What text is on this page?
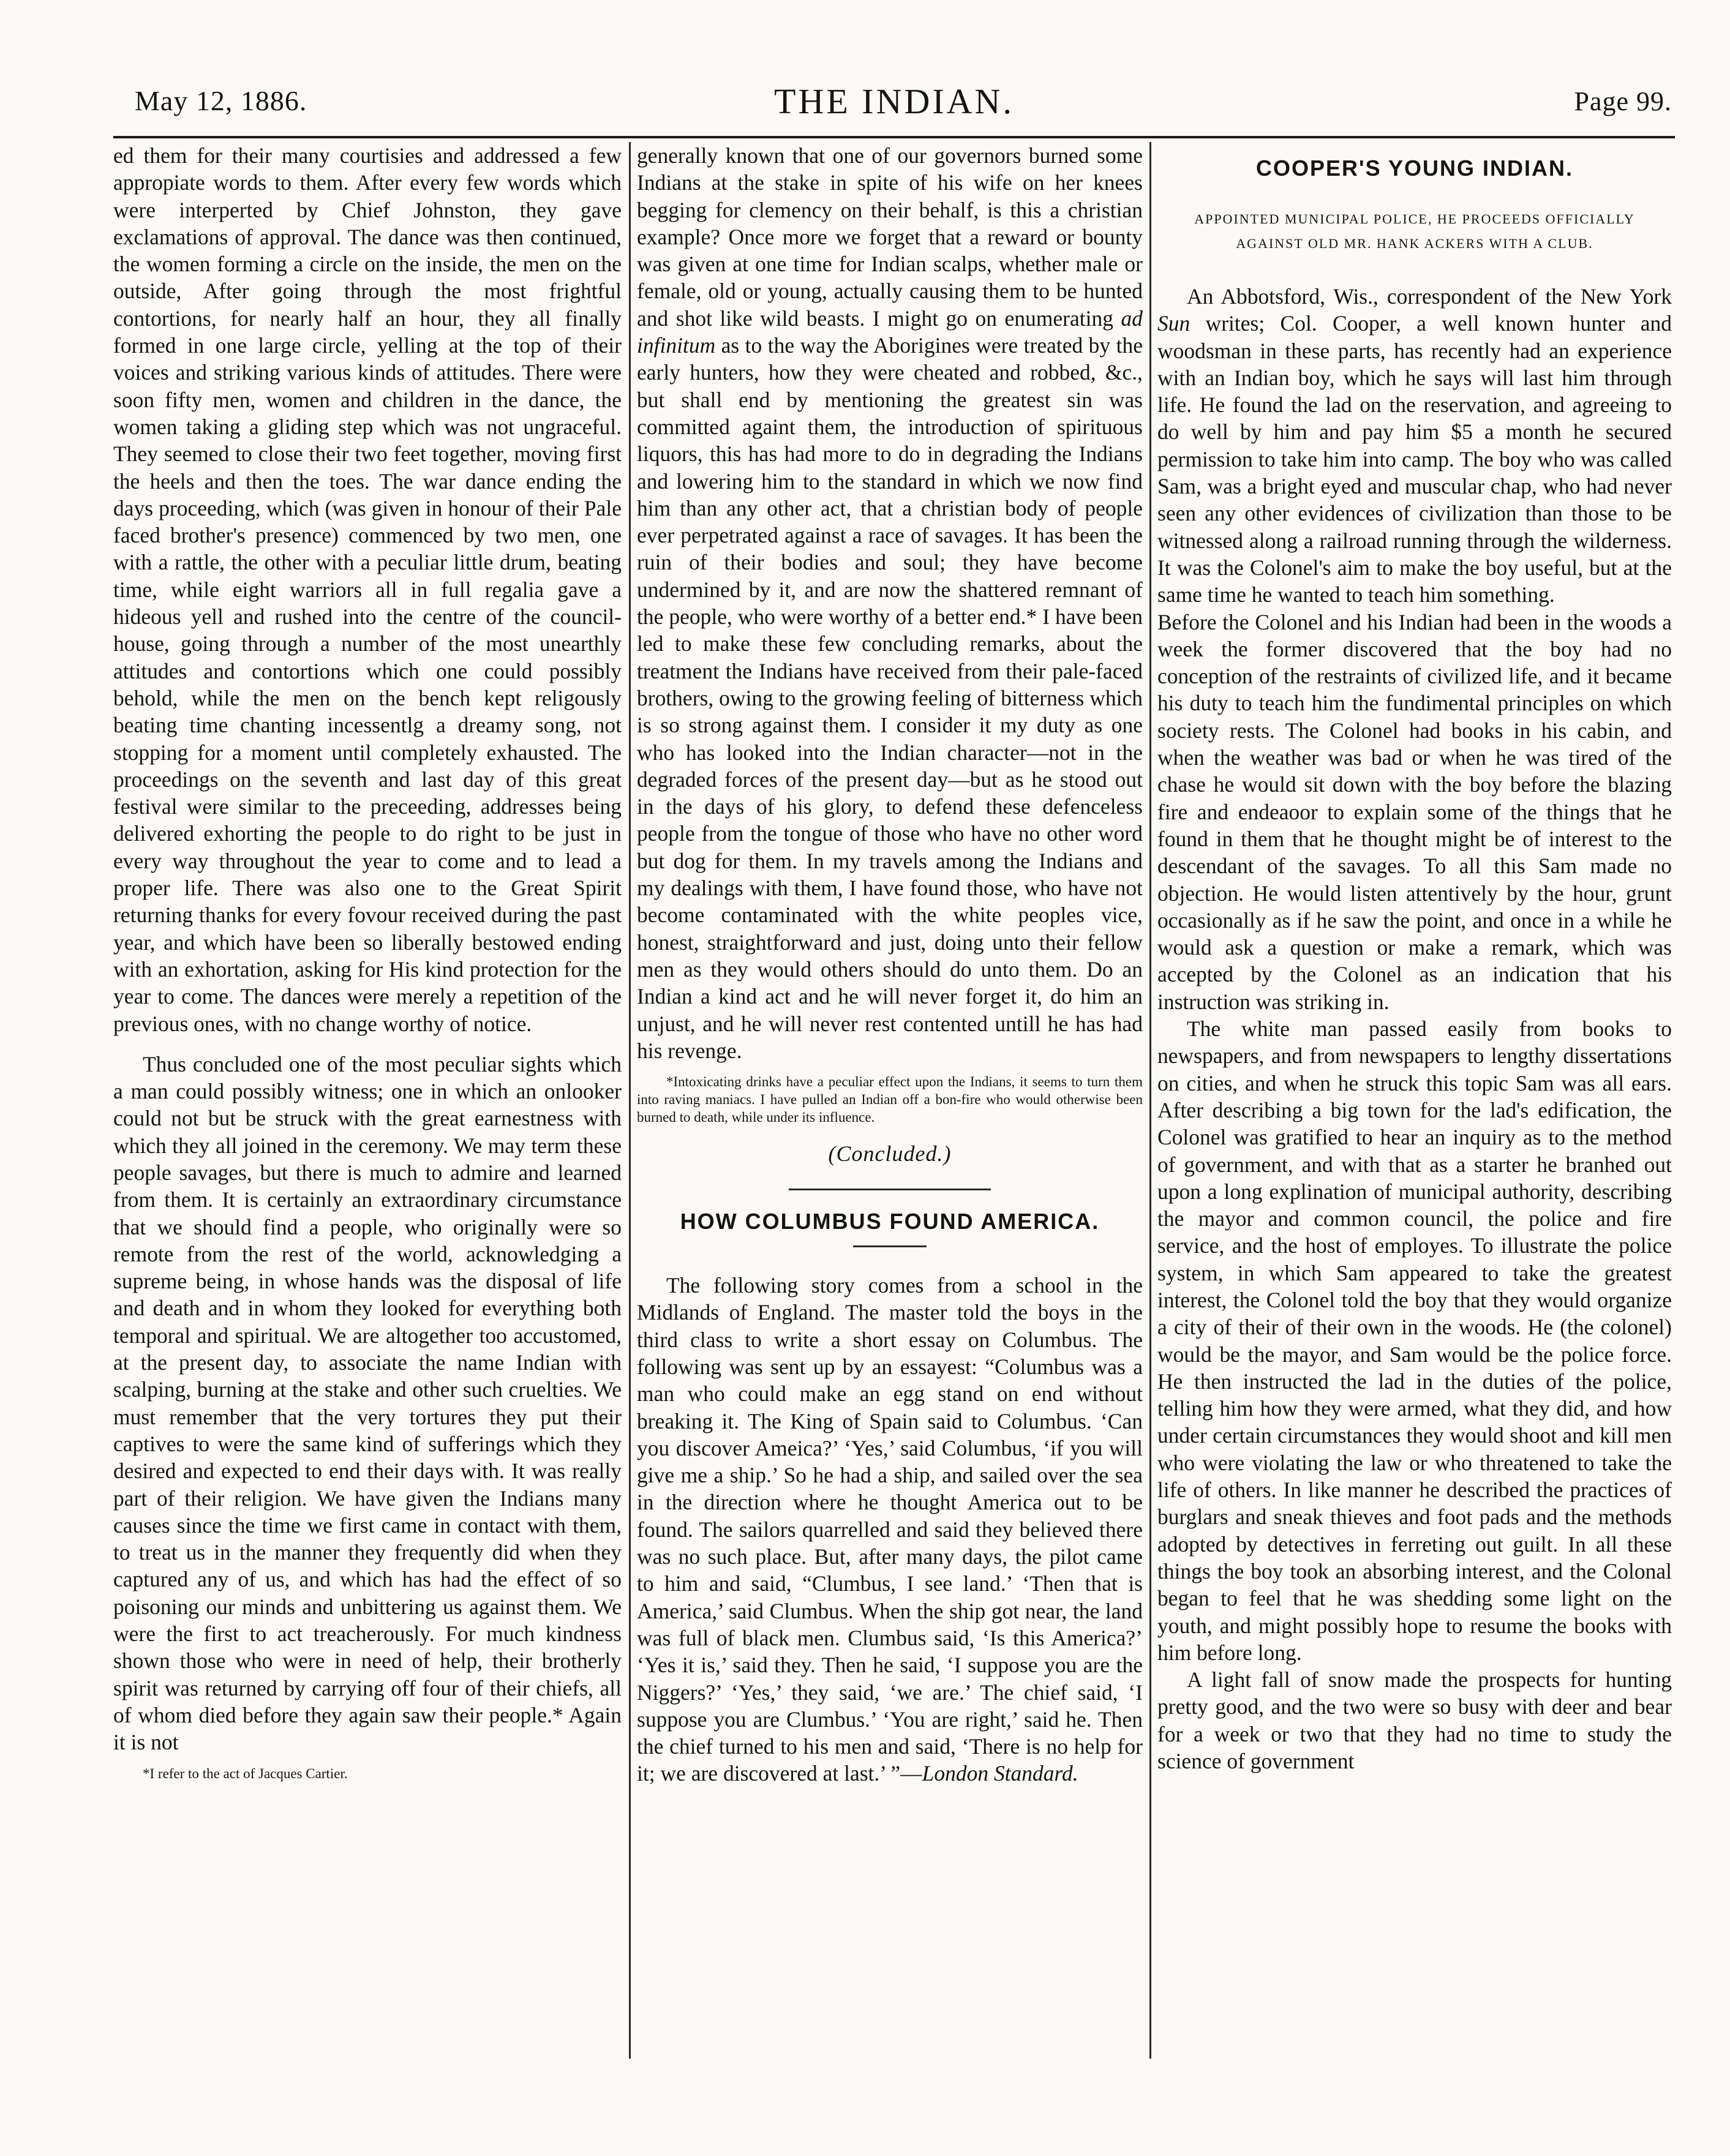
May 12, 1886.	THE INDIAN.	Page 99.

ed them for their many courtisies and addressed a few appropiate words to them. After every few words which were interperted by Chief Johnston, they gave exclamations of approval. The dance was then continued, the women forming a circle on the inside, the men on the outside, After going through the most frightful contortions, for nearly half an hour, they all finally formed in one large circle, yelling at the top of their voices and striking various kinds of attitudes. There were soon fifty men, women and children in the dance, the women taking a gliding step which was not ungraceful. They seemed to close their two feet together, moving first the heels and then the toes. The war dance ending the days proceeding, which (was given in honour of their Pale faced brother's presence) commenced by two men, one with a rattle, the other with a peculiar little drum, beating time, while eight warriors all in full regalia gave a hideous yell and rushed into the centre of the council-house, going through a number of the most unearthly attitudes and contortions which one could possibly behold, while the men on the bench kept religously beating time chanting incessentlg a dreamy song, not stopping for a moment until completely exhausted. The proceedings on the seventh and last day of this great festival were similar to the preceeding, addresses being delivered exhorting the people to do right to be just in every way throughout the year to come and to lead a proper life. There was also one to the Great Spirit returning thanks for every fovour received during the past year, and which have been so liberally bestowed ending with an exhortation, asking for His kind protection for the year to come. The dances were merely a repetition of the previous ones, with no change worthy of notice.

Thus concluded one of the most peculiar sights which a man could possibly witness; one in which an onlooker could not but be struck with the great earnestness with which they all joined in the ceremony. We may term these people savages, but there is much to admire and learned from them. It is certainly an extraordinary circumstance that we should find a people, who originally were so remote from the rest of the world, acknowledging a supreme being, in whose hands was the disposal of life and death and in whom they looked for everything both temporal and spiritual. We are altogether too accustomed, at the present day, to associate the name Indian with scalping, burning at the stake and other such cruelties. We must remember that the very tortures they put their captives to were the same kind of sufferings which they desired and expected to end their days with. It was really part of their religion. We have given the Indians many causes since the time we first came in contact with them, to treat us in the manner they frequently did when they captured any of us, and which has had the effect of so poisoning our minds and unbittering us against them. We were the first to act treacherously. For much kindness shown those who were in need of help, their brotherly spirit was returned by carrying off four of their chiefs, all of whom died before they again saw their people.* Again it is not

*I refer to the act of Jacques Cartier.

generally known that one of our governors burned some Indians at the stake in spite of his wife on her knees begging for clemency on their behalf, is this a christian example? Once more we forget that a reward or bounty was given at one time for Indian scalps, whether male or female, old or young, actually causing them to be hunted and shot like wild beasts. I might go on enumerating ad infinitum as to the way the Aborigines were treated by the early hunters, how they were cheated and robbed, &c., but shall end by mentioning the greatest sin was committed againt them, the introduction of spirituous liquors, this has had more to do in degrading the Indians and lowering him to the standard in which we now find him than any other act, that a christian body of people ever perpetrated against a race of savages. It has been the ruin of their bodies and soul; they have become undermined by it, and are now the shattered remnant of the people, who were worthy of a better end.* I have been led to make these few concluding remarks, about the treatment the Indians have received from their pale-faced brothers, owing to the growing feeling of bitterness which is so strong against them. I consider it my duty as one who has looked into the Indian character—not in the degraded forces of the present day—but as he stood out in the days of his glory, to defend these defenceless people from the tongue of those who have no other word but dog for them. In my travels among the Indians and my dealings with them, I have found those, who have not become contaminated with the white peoples vice, honest, straightforward and just, doing unto their fellow men as they would others should do unto them. Do an Indian a kind act and he will never forget it, do him an unjust, and he will never rest contented untill he has had his revenge.

*Intoxicating drinks have a peculiar effect upon the Indians, it seems to turn them into raving maniacs. I have pulled an Indian off a bon-fire who would otherwise been burned to death, while under its influence.

(Concluded.)
HOW COLUMBUS FOUND AMERICA.

The following story comes from a school in the Midlands of England. The master told the boys in the third class to write a short essay on Columbus. The following was sent up by an essayest: “Columbus was a man who could make an egg stand on end without breaking it. The King of Spain said to Columbus. ‘Can you discover Ameica?’ ‘Yes,’ said Columbus, ‘if you will give me a ship.’ So he had a ship, and sailed over the sea in the direction where he thought America out to be found. The sailors quarrelled and said they believed there was no such place. But, after many days, the pilot came to him and said, “Clumbus, I see land.’ ‘Then that is America,’ said Clumbus. When the ship got near, the land was full of black men. Clumbus said, ‘Is this America?’ ‘Yes it is,’ said they. Then he said, ‘I suppose you are the Niggers?’ ‘Yes,’ they said, ‘we are.’ The chief said, ‘I suppose you are Clumbus.’ ‘You are right,’ said he. Then the chief turned to his men and said, ‘There is no help for it; we are discovered at last.’ ”—London Standard.

COOPER'S YOUNG INDIAN.
APPOINTED MUNICIPAL POLICE, HE PROCEEDS OFFICIALLY AGAINST OLD MR. HANK ACKERS WITH A CLUB.

An Abbotsford, Wis., correspondent of the New York Sun writes; Col. Cooper, a well known hunter and woodsman in these parts, has recently had an experience with an Indian boy, which he says will last him through life. He found the lad on the reservation, and agreeing to do well by him and pay him $5 a month he secured permission to take him into camp. The boy who was called Sam, was a bright eyed and muscular chap, who had never seen any other evidences of civilization than those to be witnessed along a railroad running through the wilderness. It was the Colonel's aim to make the boy useful, but at the same time he wanted to teach him something.

Before the Colonel and his Indian had been in the woods a week the former discovered that the boy had no conception of the restraints of civilized life, and it became his duty to teach him the fundimental principles on which society rests. The Colonel had books in his cabin, and when the weather was bad or when he was tired of the chase he would sit down with the boy before the blazing fire and endeaoor to explain some of the things that he found in them that he thought might be of interest to the descendant of the savages. To all this Sam made no objection. He would listen attentively by the hour, grunt occasionally as if he saw the point, and once in a while he would ask a question or make a remark, which was accepted by the Colonel as an indication that his instruction was striking in.

The white man passed easily from books to newspapers, and from newspapers to lengthy dissertations on cities, and when he struck this topic Sam was all ears. After describing a big town for the lad's edification, the Colonel was gratified to hear an inquiry as to the method of government, and with that as a starter he branhed out upon a long explination of municipal authority, describing the mayor and common council, the police and fire service, and the host of employes. To illustrate the police system, in which Sam appeared to take the greatest interest, the Colonel told the boy that they would organize a city of their of their own in the woods. He (the colonel) would be the mayor, and Sam would be the police force. He then instructed the lad in the duties of the police, telling him how they were armed, what they did, and how under certain circumstances they would shoot and kill men who were violating the law or who threatened to take the life of others. In like manner he described the practices of burglars and sneak thieves and foot pads and the methods adopted by detectives in ferreting out guilt. In all these things the boy took an absorbing interest, and the Colonal began to feel that he was shedding some light on the youth, and might possibly hope to resume the books with him before long.

A light fall of snow made the prospects for hunting pretty good, and the two were so busy with deer and bear for a week or two that they had no time to study the science of government
